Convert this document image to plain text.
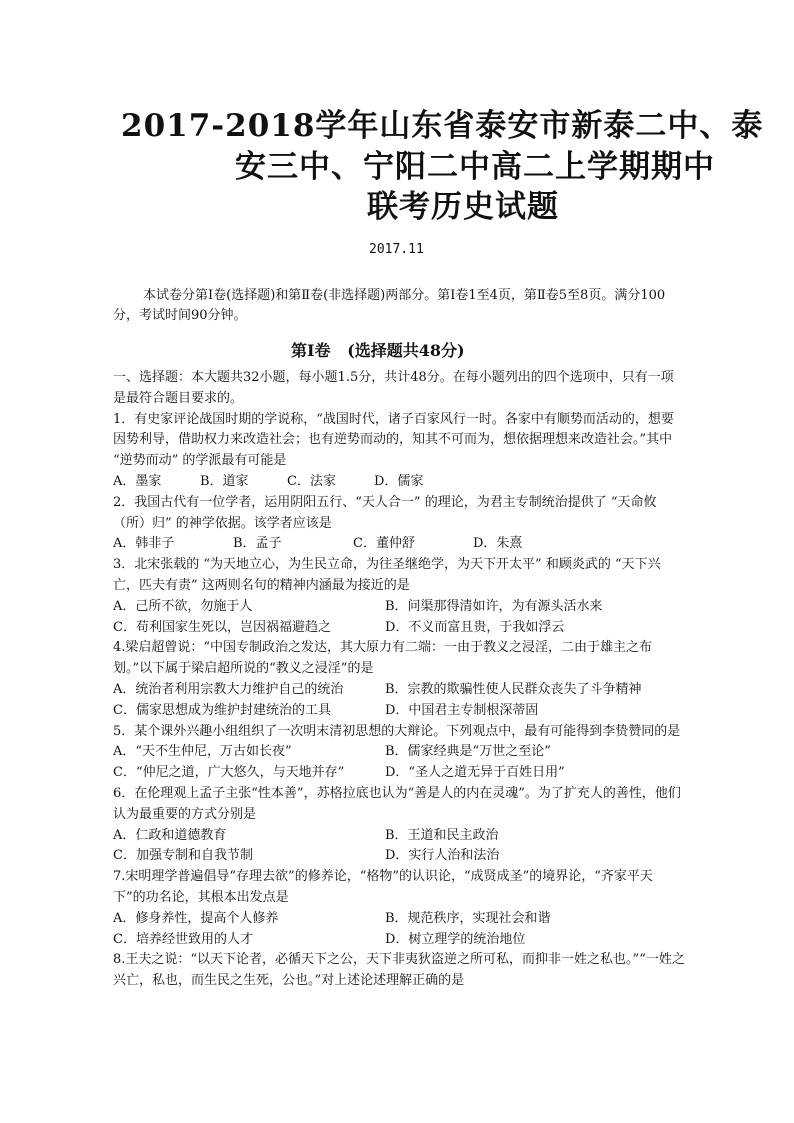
2017-2018学年山东省泰安市新泰二中、泰
安三中、宁阳二中高二上学期期中
联考历史试题
2017.11
本试卷分第Ⅰ卷(选择题)和第Ⅱ卷(非选择题)两部分。第Ⅰ卷1至4页，第Ⅱ卷5至8页。满分100分，考试时间90分钟。
第Ⅰ卷   (选择题共48分)

一、选择题：本大题共32小题，每小题1.5分，共计48分。在每小题列出的四个选项中，只有一项是最符合题目要求的。

1．有史家评论战国时期的学说称，“战国时代，诸子百家风行一时。各家中有顺势而活动的，想要因势利导，借助权力来改造社会；也有逆势而动的，知其不可而为，想依据理想来改造社会。”其中 “逆势而动” 的学派最有可能是

A．墨家	B．道家	C．法家	D．儒家

2．我国古代有一位学者，运用阴阳五行、“天人合一” 的理论，为君主专制统治提供了 “天命攸（所）归” 的神学依据。该学者应该是

A．韩非子	B．孟子	C．董仲舒	D．朱熹

3．北宋张载的 “为天地立心，为生民立命，为往圣继绝学，为天下开太平” 和顾炎武的 “天下兴亡，匹夫有责” 这两则名句的精神内涵最为接近的是

A．己所不欲，勿施于人	B．问渠那得清如许，为有源头活水来
C．苟利国家生死以，岂因祸福避趋之	D．不义而富且贵，于我如浮云

4.梁启超曾说：“中国专制政治之发达，其大原力有二端：一由于教义之浸淫，二由于雄主之布划。”以下属于梁启超所说的“教义之浸淫”的是

A．统治者利用宗教大力维护自己的统治	B．宗教的欺骗性使人民群众丧失了斗争精神
C．儒家思想成为维护封建统治的工具	D．中国君主专制根深蒂固

5．某个课外兴趣小组组织了一次明末清初思想的大辩论。下列观点中，最有可能得到李贽赞同的是

A．“天不生仲尼，万古如长夜”	B．儒家经典是“万世之至论”
C．“仲尼之道，广大悠久，与天地并存”	D．“圣人之道无异于百姓日用”

6．在伦理观上孟子主张“性本善”，苏格拉底也认为“善是人的内在灵魂”。为了扩充人的善性，他们认为最重要的方式分别是

A．仁政和道德教育	B．王道和民主政治
C．加强专制和自我节制	D．实行人治和法治

7.宋明理学普遍倡导“存理去欲”的修养论，“格物”的认识论，“成贤成圣”的境界论，“齐家平天下”的功名论，其根本出发点是

A．修身养性，提高个人修养	B．规范秩序，实现社会和谐
C．培养经世致用的人才	D．树立理学的统治地位

8.王夫之说：“以天下论者，必循天下之公，天下非夷狄盗逆之所可私，而抑非一姓之私也。”“一姓之兴亡，私也，而生民之生死，公也。”对上述论述理解正确的是
